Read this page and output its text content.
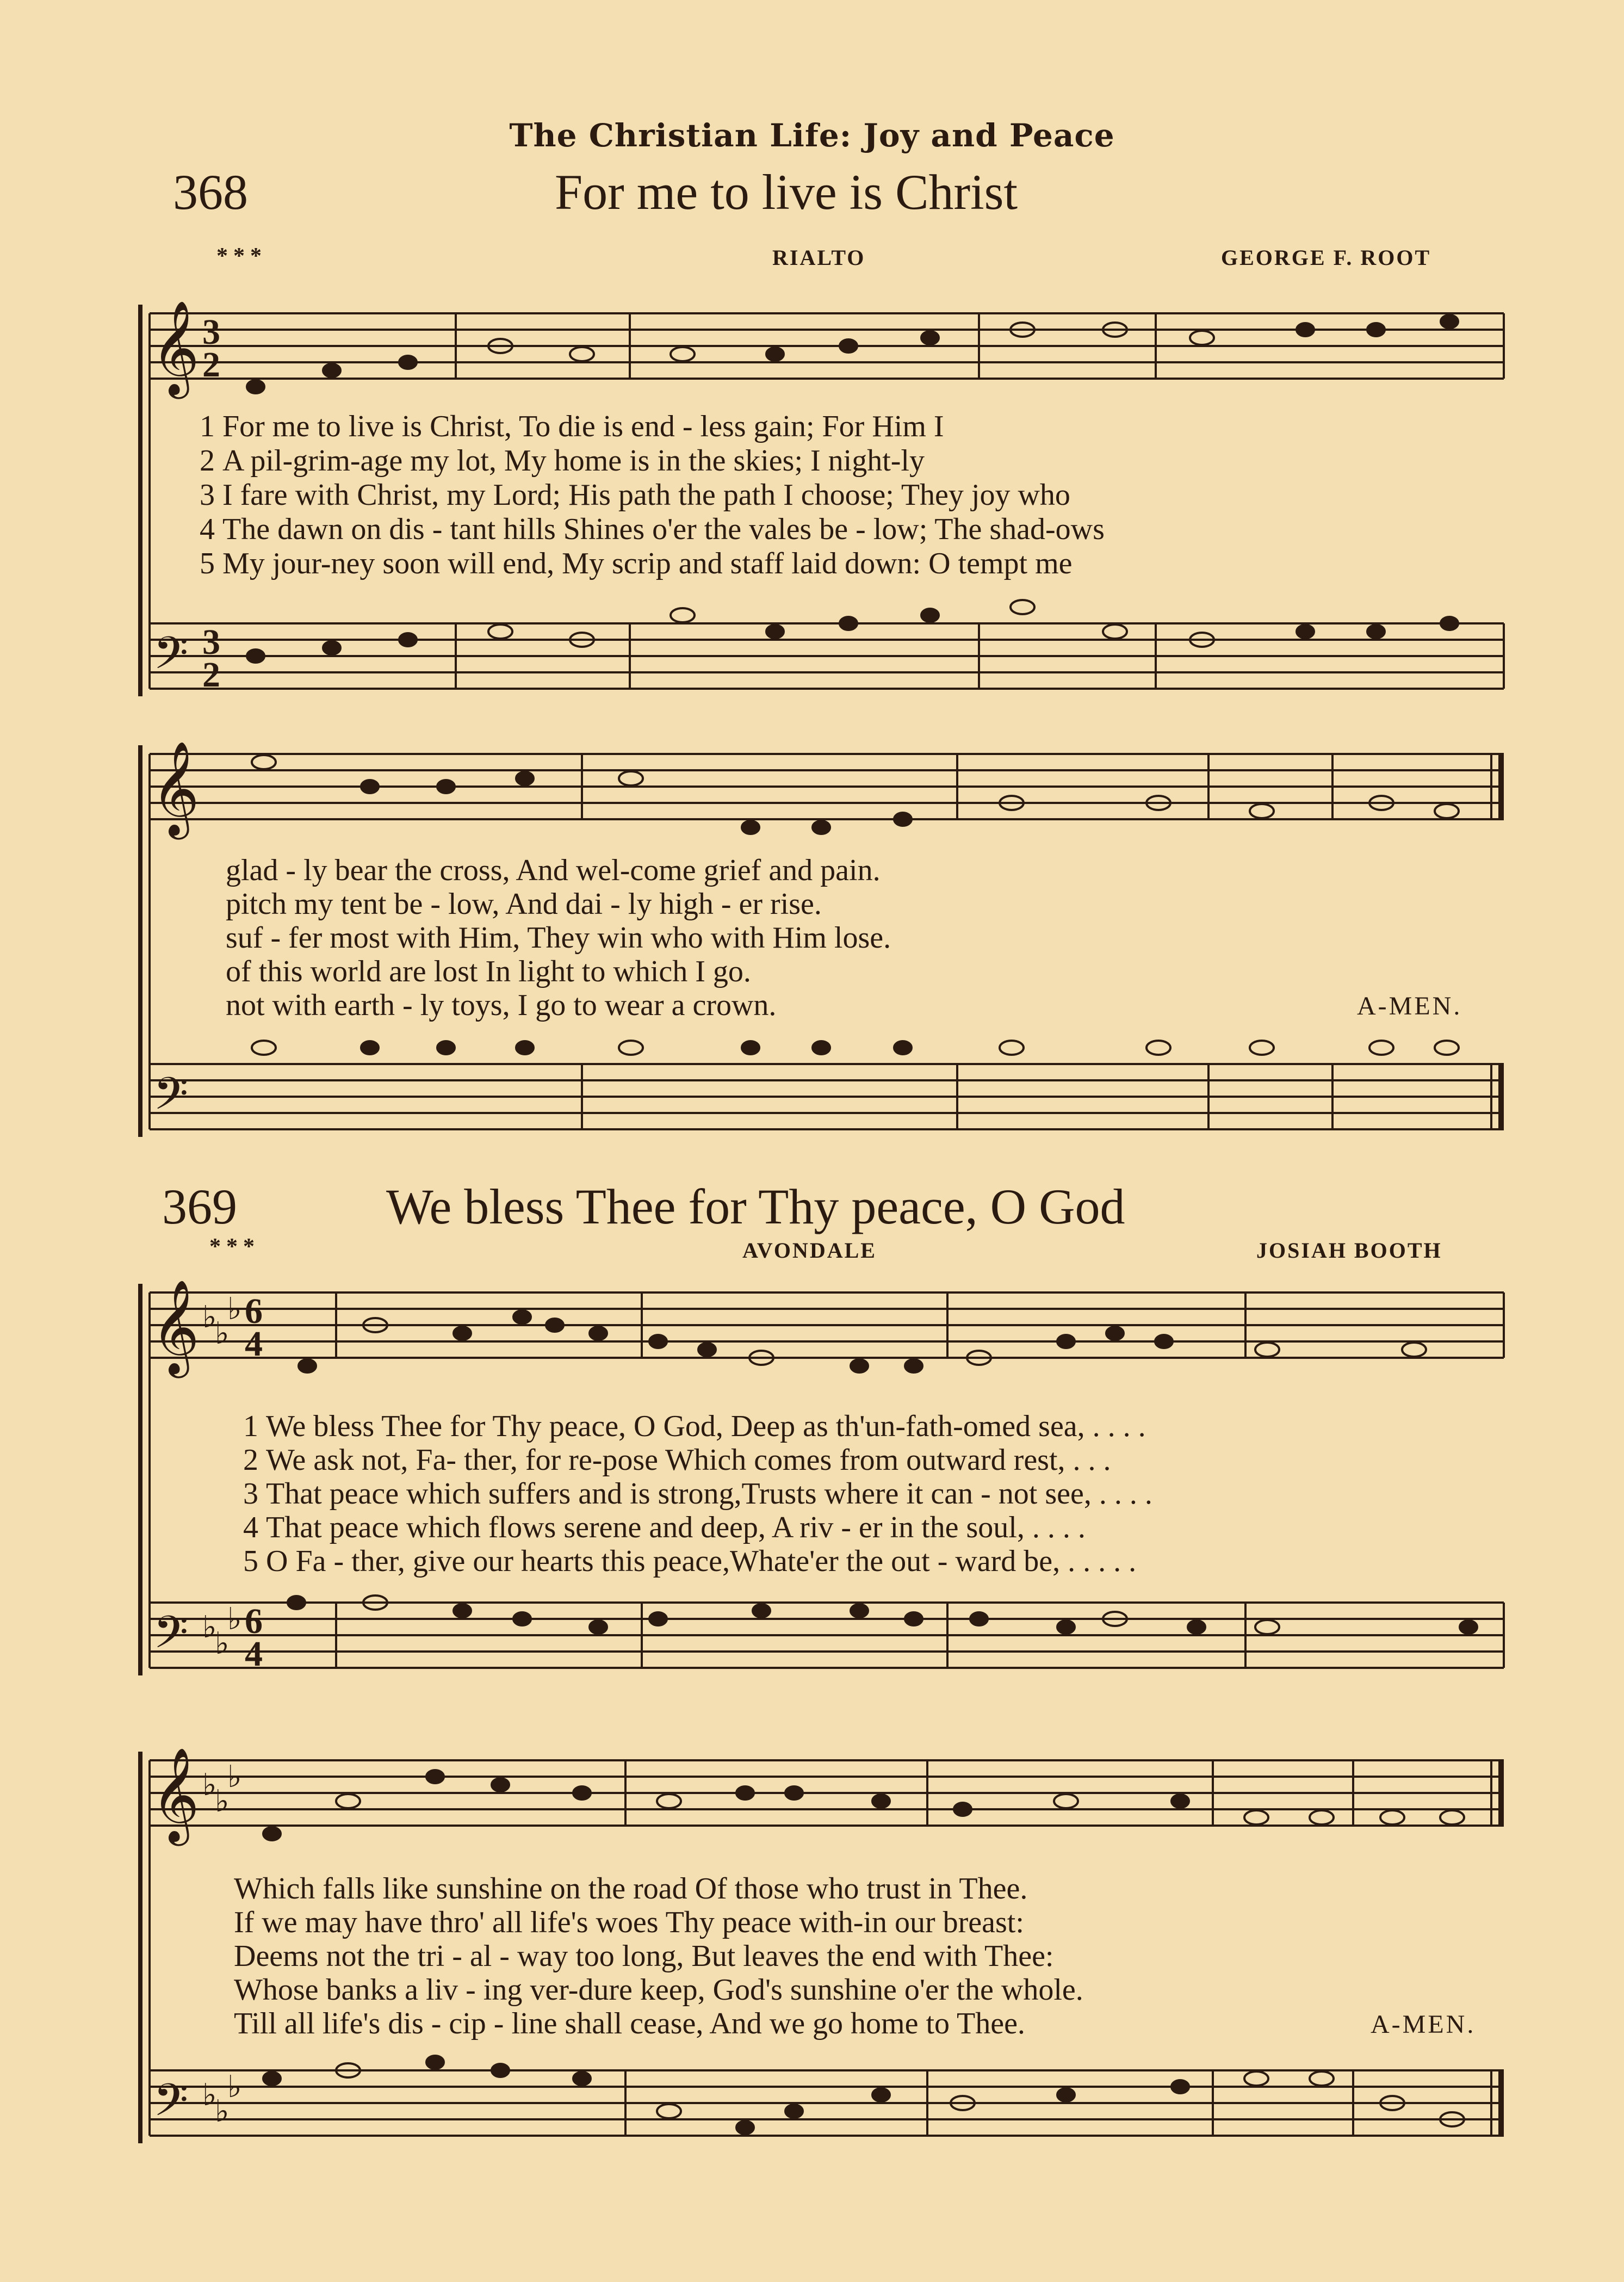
The Christian Life: Joy and Peace
368	For me to live is Christ
***	RIALTO	GEORGE F. ROOT
𝄞
𝄢
𝄞
𝄢
𝄞
𝄢
𝄞
𝄢
3
2
3
2
6
4
6
4
♭
♭
♭
♭
♭
♭
♭
♭
♭
♭
♭
♭
1 For me to live is Christ, To die is end - less gain; For Him I
2 A pil-grim-age my lot, My home is in the skies; I night-ly
3 I fare with Christ, my Lord; His path the path I choose; They joy who
4 The dawn on dis - tant hills Shines o'er the vales be - low; The shad-ows
5 My jour-ney soon will end, My scrip and staff laid down: O tempt me
glad - ly bear the cross, And wel-come grief and pain.
pitch my tent be - low, And dai - ly high - er rise.
suf - fer most with Him, They win who with Him lose.
of this world are lost In light to which I go.
not with earth - ly toys, I go to wear a crown.	A-MEN.
369	We bless Thee for Thy peace, O God
***	AVONDALE	JOSIAH BOOTH
1 We bless Thee for Thy peace, O God, Deep as th'un-fath-omed sea, . . . .
2 We ask not, Fa- ther, for re-pose Which comes from outward rest, . . .
3 That peace which suffers and is strong,Trusts where it can - not see, . . . .
4 That peace which flows serene and deep, A riv - er in the soul, . . . .
5 O Fa - ther, give our hearts this peace,Whate'er the out - ward be, . . . . .
Which falls like sunshine on the road Of those who trust in Thee.
If we may have thro' all life's woes Thy peace with-in our breast:
Deems not the tri - al - way too long, But leaves the end with Thee:
Whose banks a liv - ing ver-dure keep, God's sunshine o'er the whole.
Till all life's dis - cip - line shall cease, And we go home to Thee.	A-MEN.
